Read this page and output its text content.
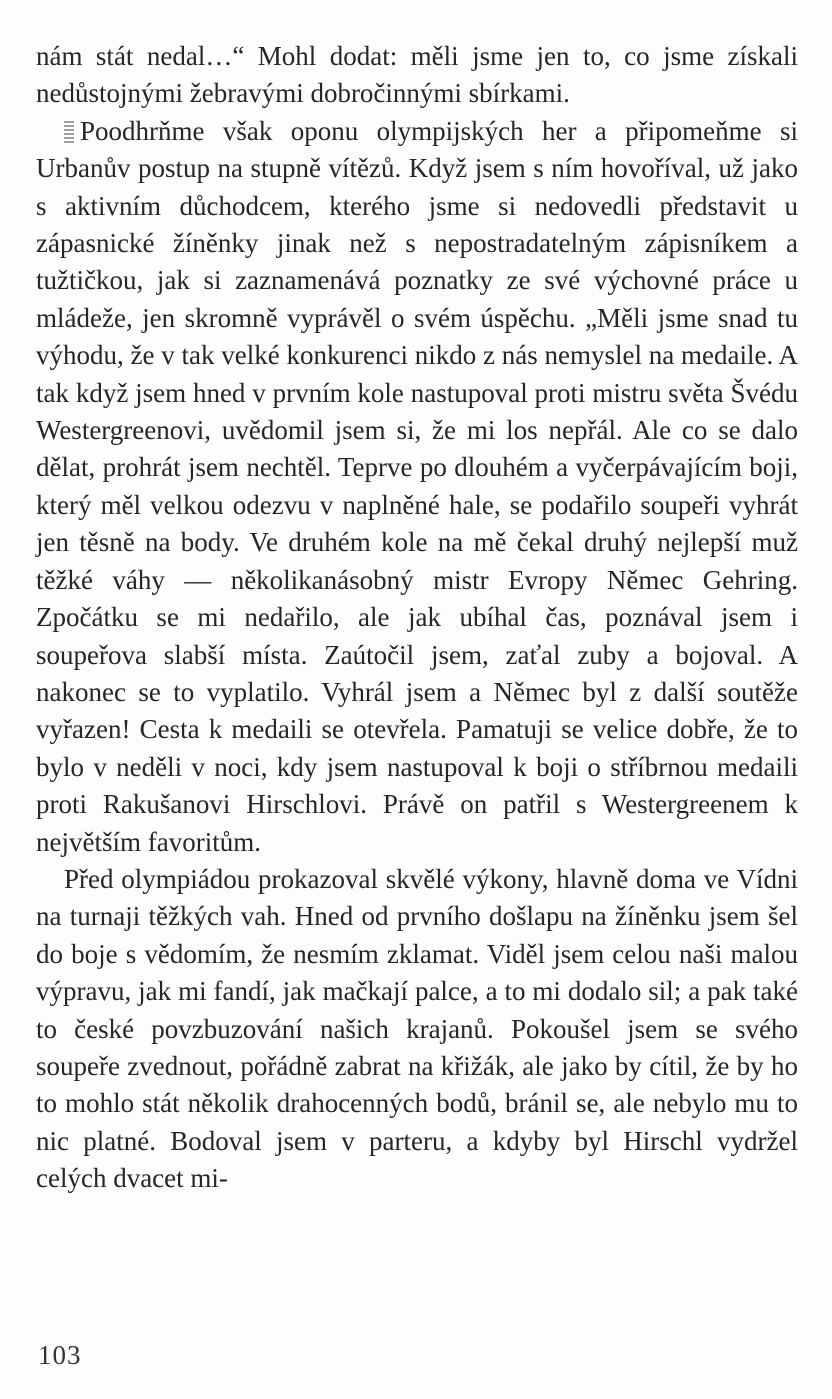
nám stát nedal…“ Mohl dodat: měli jsme jen to, co jsme získali nedůstojnými žebravými dobročinnými sbírkami.

Poodhrňme však oponu olympijských her a připomeňme si Urbanův postup na stupně vítězů. Když jsem s ním hovoříval, už jako s aktivním důchodcem, kterého jsme si nedovedli představit u zápasnické žíněnky jinak než s nepostradatelným zápisníkem a tužtičkou, jak si zaznamenává poznatky ze své výchovné práce u mládeže, jen skromně vyprávěl o svém úspěchu. „Měli jsme snad tu výhodu, že v tak velké konkurenci nikdo z nás nemyslel na medaile. A tak když jsem hned v prvním kole nastupoval proti mistru světa Švédu Westergreenovi, uvědomil jsem si, že mi los nepřál. Ale co se dalo dělat, prohrát jsem nechtěl. Teprve po dlouhém a vyčerpávajícím boji, který měl velkou odezvu v naplněné hale, se podařilo soupeři vyhrát jen těsně na body. Ve druhém kole na mě čekal druhý nejlepší muž těžké váhy — několikanásobný mistr Evropy Němec Gehring. Zpočátku se mi nedařilo, ale jak ubíhal čas, poznával jsem i soupeřova slabší místa. Zaútočil jsem, zaťal zuby a bojoval. A nakonec se to vyplatilo. Vyhrál jsem a Němec byl z další soutěže vyřazen! Cesta k medaili se otevřela. Pamatuji se velice dobře, že to bylo v neděli v noci, kdy jsem nastupoval k boji o stříbrnou medaili proti Rakušanovi Hirschlovi. Právě on patřil s Westergreenem k největším favoritům.

Před olympiádou prokazoval skvělé výkony, hlavně doma ve Vídni na turnaji těžkých vah. Hned od prvního došlapu na žíněnku jsem šel do boje s vědomím, že nesmím zklamat. Viděl jsem celou naši malou výpravu, jak mi fandí, jak mačkají palce, a to mi dodalo sil; a pak také to české povzbuzování našich krajanů. Pokoušel jsem se svého soupeře zvednout, pořádně zabrat na křižák, ale jako by cítil, že by ho to mohlo stát několik drahocenných bodů, bránil se, ale nebylo mu to nic platné. Bodoval jsem v parteru, a kdyby byl Hirschl vydržel celých dvacet mi-

103
